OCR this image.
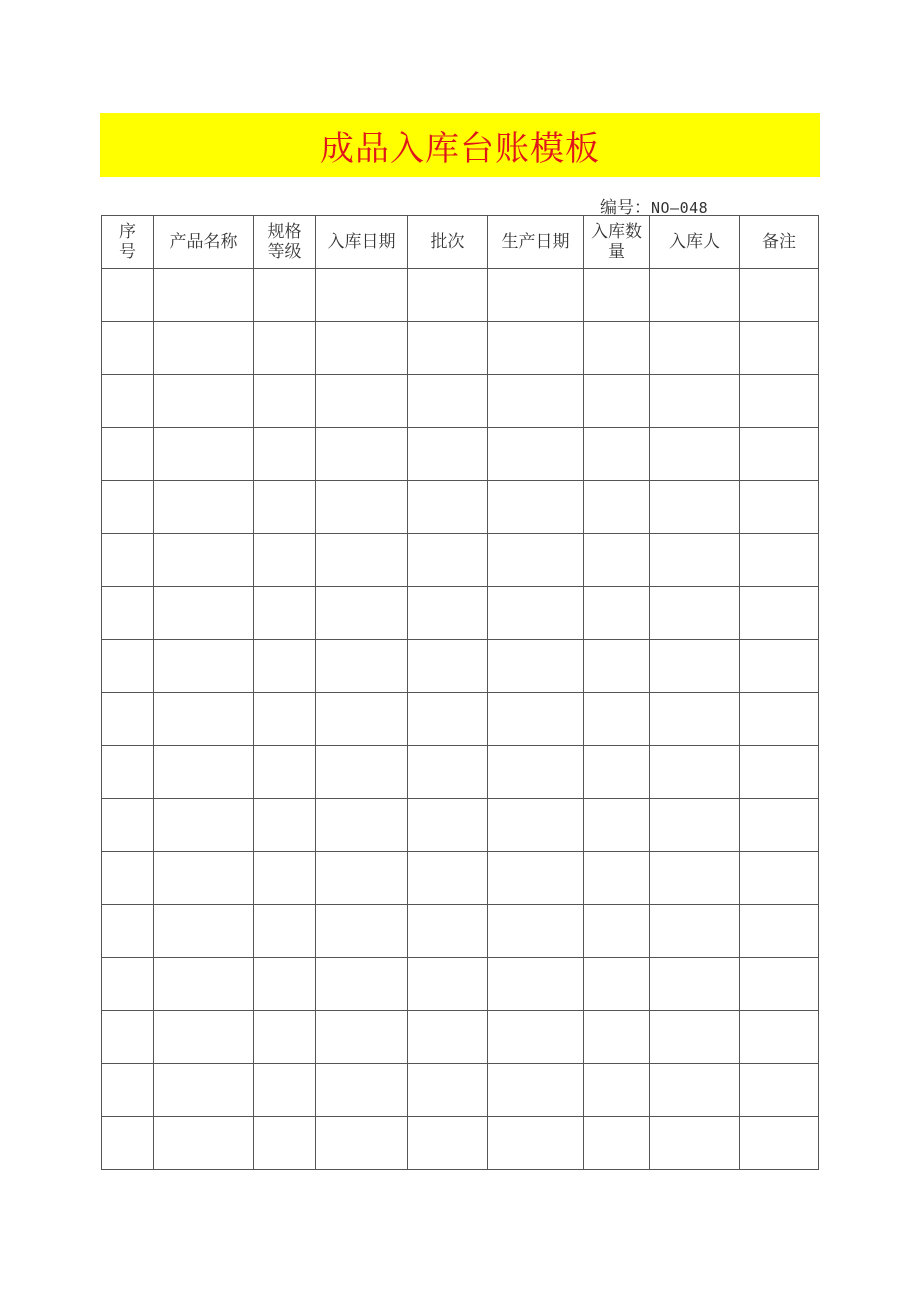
成品入库台账模板
编号：NO—048
序号	产品名称	规格等级	入库日期	批次	生产日期	入库数量	入库人	备注
